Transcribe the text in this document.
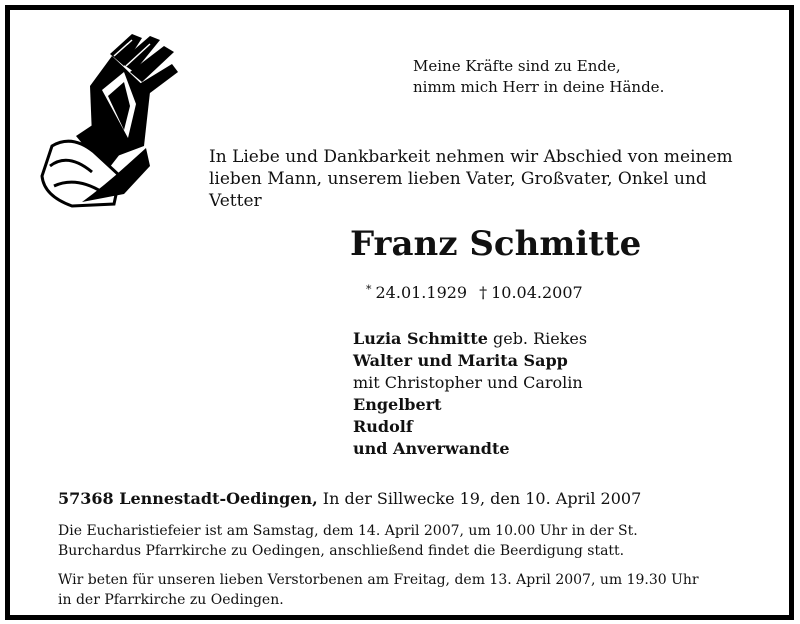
Meine Kräfte sind zu Ende,
nimm mich Herr in deine Hände.
In Liebe und Dankbarkeit nehmen wir Abschied von meinem
lieben Mann, unserem lieben Vater, Großvater, Onkel und
Vetter
Franz Schmitte
* 24.01.1929 † 10.04.2007
Luzia Schmitte geb. Riekes
Walter und Marita Sapp
mit Christopher und Carolin
Engelbert
Rudolf
und Anverwandte
57368 Lennestadt-Oedingen, In der Sillwecke 19, den 10. April 2007
Die Eucharistiefeier ist am Samstag, dem 14. April 2007, um 10.00 Uhr in der St.
Burchardus Pfarrkirche zu Oedingen, anschließend findet die Beerdigung statt.
Wir beten für unseren lieben Verstorbenen am Freitag, dem 13. April 2007, um 19.30 Uhr
in der Pfarrkirche zu Oedingen.
